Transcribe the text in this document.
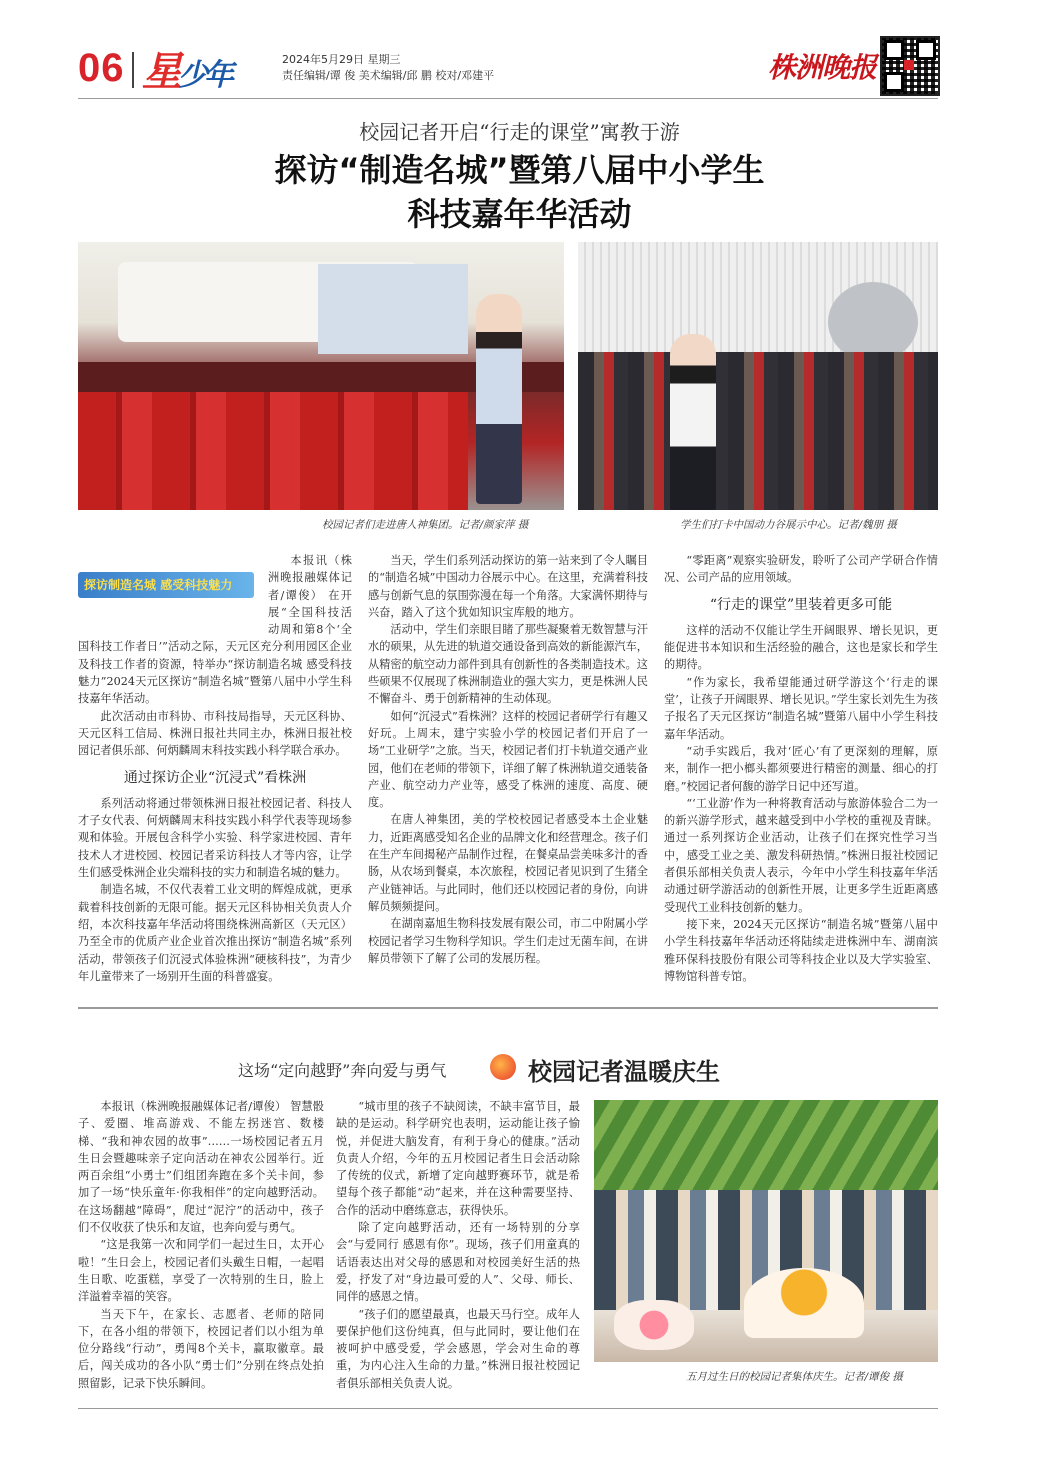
06 星少年	2024年5月29日 星期三
责任编辑/谭 俊 美术编辑/邱 鹏 校对/邓建平	株洲晚报
校园记者开启“行走的课堂”寓教于游
探访“制造名城”暨第八届中小学生
科技嘉年华活动
校园记者们走进唐人神集团。记者/颜家萍 摄	学生们打卡中国动力谷展示中心。记者/魏朋 摄
探访制造名城 感受科技魅力

本报讯（株洲晚报融媒体记者/谭俊） 在开展“全国科技活动周和第8个‘全国科技工作者日’”活动之际，天元区充分利用园区企业及科技工作者的资源，特举办“探访制造名城 感受科技魅力”2024天元区探访“制造名城”暨第八届中小学生科技嘉年华活动。

此次活动由市科协、市科技局指导，天元区科协、天元区科工信局、株洲日报社共同主办，株洲日报社校园记者俱乐部、何炳麟周末科技实践小科学联合承办。

通过探访企业“沉浸式”看株洲

系列活动将通过带领株洲日报社校园记者、科技人才子女代表、何炳麟周末科技实践小科学代表等现场参观和体验。开展包含科学小实验、科学家进校园、青年技术人才进校园、校园记者采访科技人才等内容，让学生们感受株洲企业尖端科技的实力和制造名城的魅力。

制造名城，不仅代表着工业文明的辉煌成就，更承载着科技创新的无限可能。据天元区科协相关负责人介绍，本次科技嘉年华活动将围绕株洲高新区（天元区）乃至全市的优质产业企业首次推出探访“制造名城”系列活动，带领孩子们沉浸式体验株洲“硬核科技”，为青少年儿童带来了一场别开生面的科普盛宴。

当天，学生们系列活动探访的第一站来到了令人瞩目的“制造名城”中国动力谷展示中心。在这里，充满着科技感与创新气息的氛围弥漫在每一个角落。大家满怀期待与兴奋，踏入了这个犹如知识宝库般的地方。

活动中，学生们亲眼目睹了那些凝聚着无数智慧与汗水的硕果，从先进的轨道交通设备到高效的新能源汽车，从精密的航空动力部件到具有创新性的各类制造技术。这些硕果不仅展现了株洲制造业的强大实力，更是株洲人民不懈奋斗、勇于创新精神的生动体现。

如何“沉浸式”看株洲？这样的校园记者研学行有趣又好玩。上周末，建宁实验小学的校园记者们开启了一场“工业研学”之旅。当天，校园记者们打卡轨道交通产业园，他们在老师的带领下，详细了解了株洲轨道交通装备产业、航空动力产业等，感受了株洲的速度、高度、硬度。

在唐人神集团，美的学校校园记者感受本土企业魅力，近距离感受知名企业的品牌文化和经营理念。孩子们在生产车间揭秘产品制作过程，在餐桌品尝美味多汁的香肠，从农场到餐桌，本次旅程，校园记者见识到了生猪全产业链神话。与此同时，他们还以校园记者的身份，向讲解员频频提问。

在湖南嘉旭生物科技发展有限公司，市二中附属小学校园记者学习生物科学知识。学生们走过无菌车间，在讲解员带领下了解了公司的发展历程。

“零距离”观察实验研发，聆听了公司产学研合作情况、公司产品的应用领域。

“行走的课堂”里装着更多可能

这样的活动不仅能让学生开阔眼界、增长见识，更能促进书本知识和生活经验的融合，这也是家长和学生的期待。

“作为家长，我希望能通过研学游这个‘行走的课堂’，让孩子开阔眼界、增长见识。”学生家长刘先生为孩子报名了天元区探访“制造名城”暨第八届中小学生科技嘉年华活动。

“动手实践后，我对‘匠心’有了更深刻的理解，原来，制作一把小榔头都须要进行精密的测量、细心的打磨。”校园记者何馥的游学日记中还写道。

“‘工业游’作为一种将教育活动与旅游体验合二为一的新兴游学形式，越来越受到中小学校的重视及青睐。通过一系列探访企业活动，让孩子们在探究性学习当中，感受工业之美、激发科研热情。”株洲日报社校园记者俱乐部相关负责人表示，今年中小学生科技嘉年华活动通过研学游活动的创新性开展，让更多学生近距离感受现代工业科技创新的魅力。

接下来，2024天元区探访“制造名城”暨第八届中小学生科技嘉年华活动还将陆续走进株洲中车、湖南滨雅环保科技股份有限公司等科技企业以及大学实验室、博物馆科普专馆。

这场“定向越野”奔向爱与勇气	校园记者温暖庆生

本报讯（株洲晚报融媒体记者/谭俊） 智慧骰子、爱圈、堆高游戏、不能左拐迷宫、数楼梯、“我和神农园的故事”……一场校园记者五月生日会暨趣味亲子定向活动在神农公园举行。近两百余组“小勇士”们组团奔跑在多个关卡间，参加了一场“快乐童年·你我相伴”的定向越野活动。在这场翻越“障碍”，爬过“泥泞”的活动中，孩子们不仅收获了快乐和友谊，也奔向爱与勇气。

“这是我第一次和同学们一起过生日，太开心啦！”生日会上，校园记者们头戴生日帽，一起唱生日歌、吃蛋糕，享受了一次特别的生日，脸上洋溢着幸福的笑容。

当天下午，在家长、志愿者、老师的陪同下，在各小组的带领下，校园记者们以小组为单位分路线“行动”，勇闯8个关卡，赢取徽章。最后，闯关成功的各小队“勇士们”分别在终点处拍照留影，记录下快乐瞬间。

“城市里的孩子不缺阅读，不缺丰富节目，最缺的是运动。科学研究也表明，运动能让孩子愉悦，并促进大脑发育，有利于身心的健康。”活动负责人介绍，今年的五月校园记者生日会活动除了传统的仪式，新增了定向越野赛环节，就是希望每个孩子都能“动”起来，并在这种需要坚持、合作的活动中磨练意志，获得快乐。

除了定向越野活动，还有一场特别的分享会“与爱同行 感恩有你”。现场，孩子们用童真的话语表达出对父母的感恩和对校园美好生活的热爱，抒发了对“身边最可爱的人”、父母、师长、同伴的感恩之情。

“孩子们的愿望最真，也最天马行空。成年人要保护他们这份纯真，但与此同时，要让他们在被呵护中感受爱，学会感恩，学会对生命的尊重，为内心注入生命的力量。”株洲日报社校园记者俱乐部相关负责人说。	五月过生日的校园记者集体庆生。记者/谭俊 摄
